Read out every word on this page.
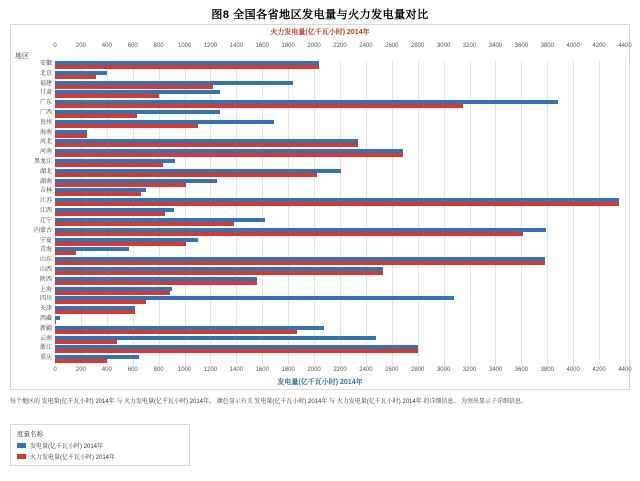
图8 全国各省地区发电量与火力发电量对比
火力发电量(亿千瓦小时) 2014年
地区
0	200	400	600	800 1000 1200 1400 1600 1800 2000 2200 2400 2600 2800 3000 3200 3400 3600 3800 4000 4200 4400
0	200	400	600	800 1000 1200 1400 1600 1800 2000 2200 2400 2600 2800 3000 3200 3400 3600 3800 4000 4200 4400
安徽
北京
福建
甘肃
广东
广西
贵州
海南
河北
河南
黑龙江
湖北
湖南
吉林
江苏
江西
辽宁
内蒙古
宁夏
青海
山东
山西
陕西
上海
四川
天津
西藏
新疆
云南
浙江
重庆
发电量(亿千瓦小时) 2014年
每个地区的 发电量(亿千瓦小时) 2014年 与 火力发电量(亿千瓦小时) 2014年。 颜色显示有关 发电量(亿千瓦小时) 2014年 与 火力发电量(亿千瓦小时) 2014年 的详细信息。 为突出显示子详细信息。
度量名称
发电量(亿千瓦小时) 2014年
火力发电量(亿千瓦小时) 2014年
